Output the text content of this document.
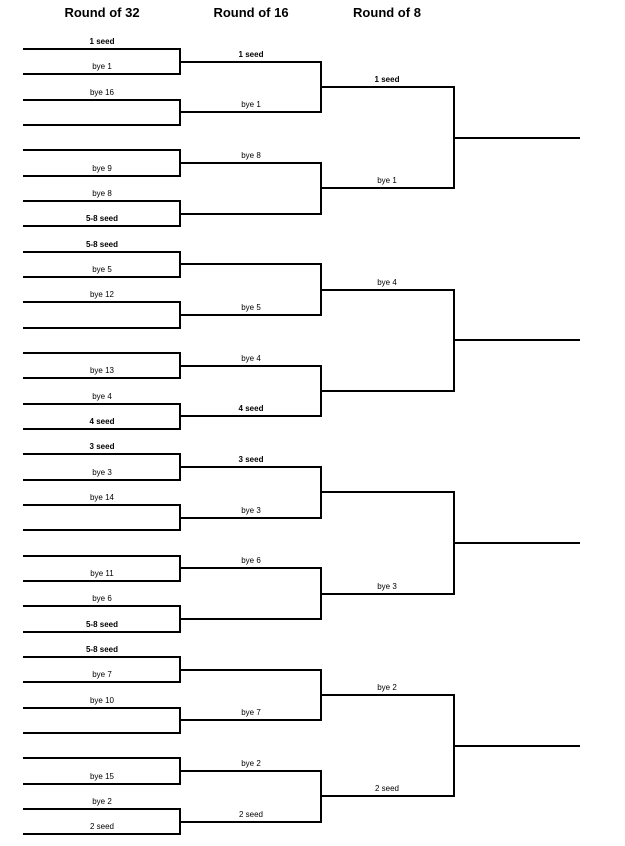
Round of 32	Round of 16	Round of 8
1 seed
bye 1
bye 16
bye 9
bye 8
5-8 seed
5-8 seed
bye 5
bye 12
bye 13
bye 4
4 seed
3 seed
bye 3
bye 14
bye 11
bye 6
5-8 seed
5-8 seed
bye 7
bye 10
bye 15
bye 2
2 seed
1 seed
bye 1
bye 8
bye 5
bye 4
4 seed
3 seed
bye 3
bye 6
bye 7
bye 2
2 seed
1 seed
bye 1
bye 4
bye 3
bye 2
2 seed
